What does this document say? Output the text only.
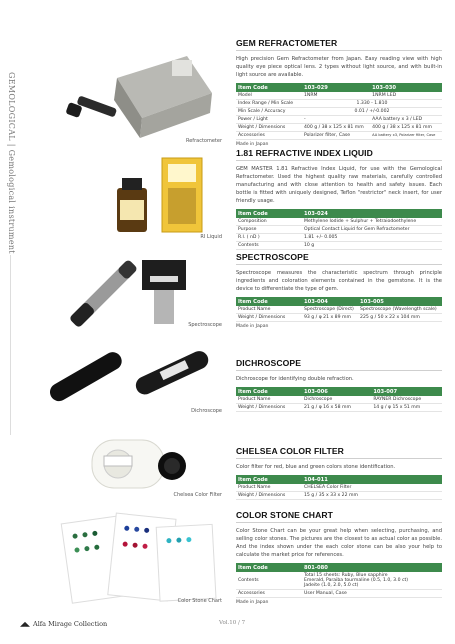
GEMOLOGICAL | Gemological instrument	Refractometer
RI Liquid
Spectroscope
Dichroscope
Chelsea Color Filter
Color Stone Chart
GEM REFRACTOMETER

High precision Gem Refractometer from Japan. Easy reading view with high quality eye piece optical lens. 2 types without light source, and with built-in light source are available.

Item Code	103-029	103-030
Model	1NRM	1NRM LED
Index Range / Min Scale	1.330 - 1.810	
Min Scale / Accuracy	0.01 / +/-0.002	
Power / Light	-	AAA battery x 3 / LED
Weight / Dimensions	400 g / 38 x 125 x 81 mm	400 g / 38 x 125 x 81 mm
Accessories	Polarizer filter, Case	AA battery x3, Polarizer filter, Case
Made in Japan
1.81 REFRACTIVE INDEX LIQUID

GEM MASTER 1.81 Refractive Index Liquid, for use with the Gemological Refractometer. Used the highest quality raw materials, carefully controlled manufacturing and with close attention to health and safety issues. Each bottle is fitted with uniquely designed, Teflon "restrictor" neck insert, for user friendly usage.

Item Code	103-024
Composition	Methylene Iodide + Sulphur + Tetraiodoethylene
Purpose	Optical Contact Liquid for Gem Refractometer
R.I. ( nD )	1.81 +/- 0.005
Contents	10 g
SPECTROSCOPE

Spectroscope measures the characteristic spectrum through principle ingredients and coloration elements contained in the gemstone. It is the device to differentiate the type of gem.

Item Code	103-004	103-005
Product Name	Spectroscope (Direct)	Spectroscope (Wavelength scale)
Weight / Dimensions	93 g / φ 21 x 89 mm	225 g / 50 x 22 x 104 mm
Made in Japan
DICHROSCOPE

Dichroscope for identifying double refraction.

Item Code	103-006	103-007
Product Name	Dichroscope	RAYNER Dichroscope
Weight / Dimensions	21 g / φ 16 x 58 mm	14 g / φ 15 x 51 mm
CHELSEA COLOR FILTER

Color filter for red, blue and green colors stone identification.

Item Code	104-011
Product Name	CHELSEA Color Filter
Weight / Dimensions	15 g / 35 x 33 x 22 mm
COLOR STONE CHART

Color Stone Chart can be your great help when selecting, purchasing, and selling color stones. The pictures are the closest to as actual color as possible. And the index shown under the each color stone can be also your help to calculate the market price for references.

Item Code	801-080
Contents	Total 15 sheets: Ruby, Blue sapphire
Emerald, Paraiba tourmaline (0.5, 1.0, 3.0 ct)
Jadeite (1.0, 2.0, 5.0 ct)

Accessories	User Manual, Case
Made in Japan
◢◣ Alfa Mirage Collection	Vol.10 / 7
